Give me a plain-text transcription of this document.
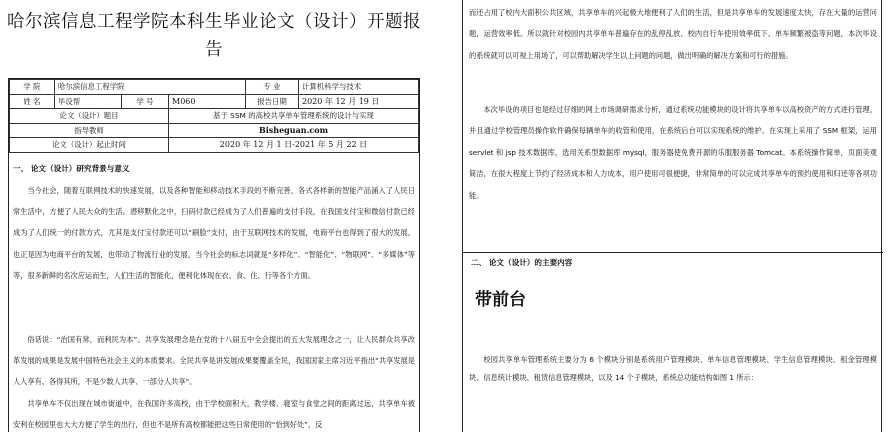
哈尔滨信息工程学院本科生毕业论文（设计）开题报
告
学 院	哈尔滨信息工程学院			专 业	计算机科学与技术
姓 名	毕设帮	学 号	M060	报告日期	2020 年 12 月 19 日
论文（设计）题目			基于 SSM 的高校共享单车管理系统的设计与实现		
指导教师			Bisheguan.com		
论文（设计）起止时间			2020 年 12 月 1 日-2021 年 5 月 22 日		
一、 论文（设计）研究背景与意义

当今社会，随着互联网技术的快速发展，以及各种智能和移动技术手段的不断完善，各式各样新的智能产品涌入了人民日常生活中，方便了人民大众的生活。潜移默化之中，扫码付款已经成为了人们普遍的支付手段，在我国支付宝和微信付款已经成为了人们统一的付款方式，尤其是支付宝付款还可以“刷脸”支付，由于互联网技术的发展，电商平台也得到了很大的发展，也正是因为电商平台的发展，也带动了物流行业的发展，当今社会的标志词就是“多样化”、“智能化”、“物联网”、“多媒体”等等，很多新鲜的名次应运而生，人们生活的智能化，便利化体现在衣、食、住、行等各个方面。

俗话说：“治国有常，而利民为本”。共享发展理念是在党的十八届五中全会提出的五大发展理念之一，让人民群众共享改革发展的成果是发展中国特色社会主义的本质要求。全民共享是讲发展成果要覆盖全民，我国国家主席习近平指出“共享发展是人人享有、各得其所，不是少数人共享、一部分人共享”。

共享单车不仅出现在城市街道中，在我国许多高校，由于学校面积大，教学楼、寝室与食堂之间的距离过远，共享单车被安利在校园里也大大方便了学生的出行，但也不是所有高校都能把这些日常使用的“恰到好处”，反

而还占用了校内大面积公共区域，共享单车的兴起极大地便利了人们的生活，但是共享单车的发展速度太快，存在大量的运营问题，运营效率低。所以就针对校园内共享单车普遍存在的乱停乱放、校内自行车使用效率低下、单车频繁被盗等问题，本次毕设的系统就可以可视上用场了，可以帮助解决学生以上问题的问题，做出明确的解决方案和可行的措施。

本次毕设的项目也是经过仔细的网上市场调研需求分析，通过系统功能模块的设计将共享单车以高校资产的方式进行管理，并且通过学校管理员操作软件确保每辆单车的收管和使用，在系统后台可以实现系统的维护。在实现上采用了 SSM 框架，运用 servlet 和 jsp 技术数据库，选用关系型数据库 mysql，服务器使免费开源的乐服服务器 Tomcat。本系统操作简单，页面美观简洁，在很大程度上节约了经济成本和人力成本，用户使用可很便捷，非常简单的可以完成共享单车的预约使用和归还等各项功能。

二、 论文（设计）的主要内容
带前台

校园共享单车管理系统主要分为 6 个模块分别是系统用户管理模块、单车信息管理模块、学生信息管理模块、租金管理模块、信息统计模块、租赁信息管理模块，以及 14 个子模块，系统总功能结构如图 1 所示：
